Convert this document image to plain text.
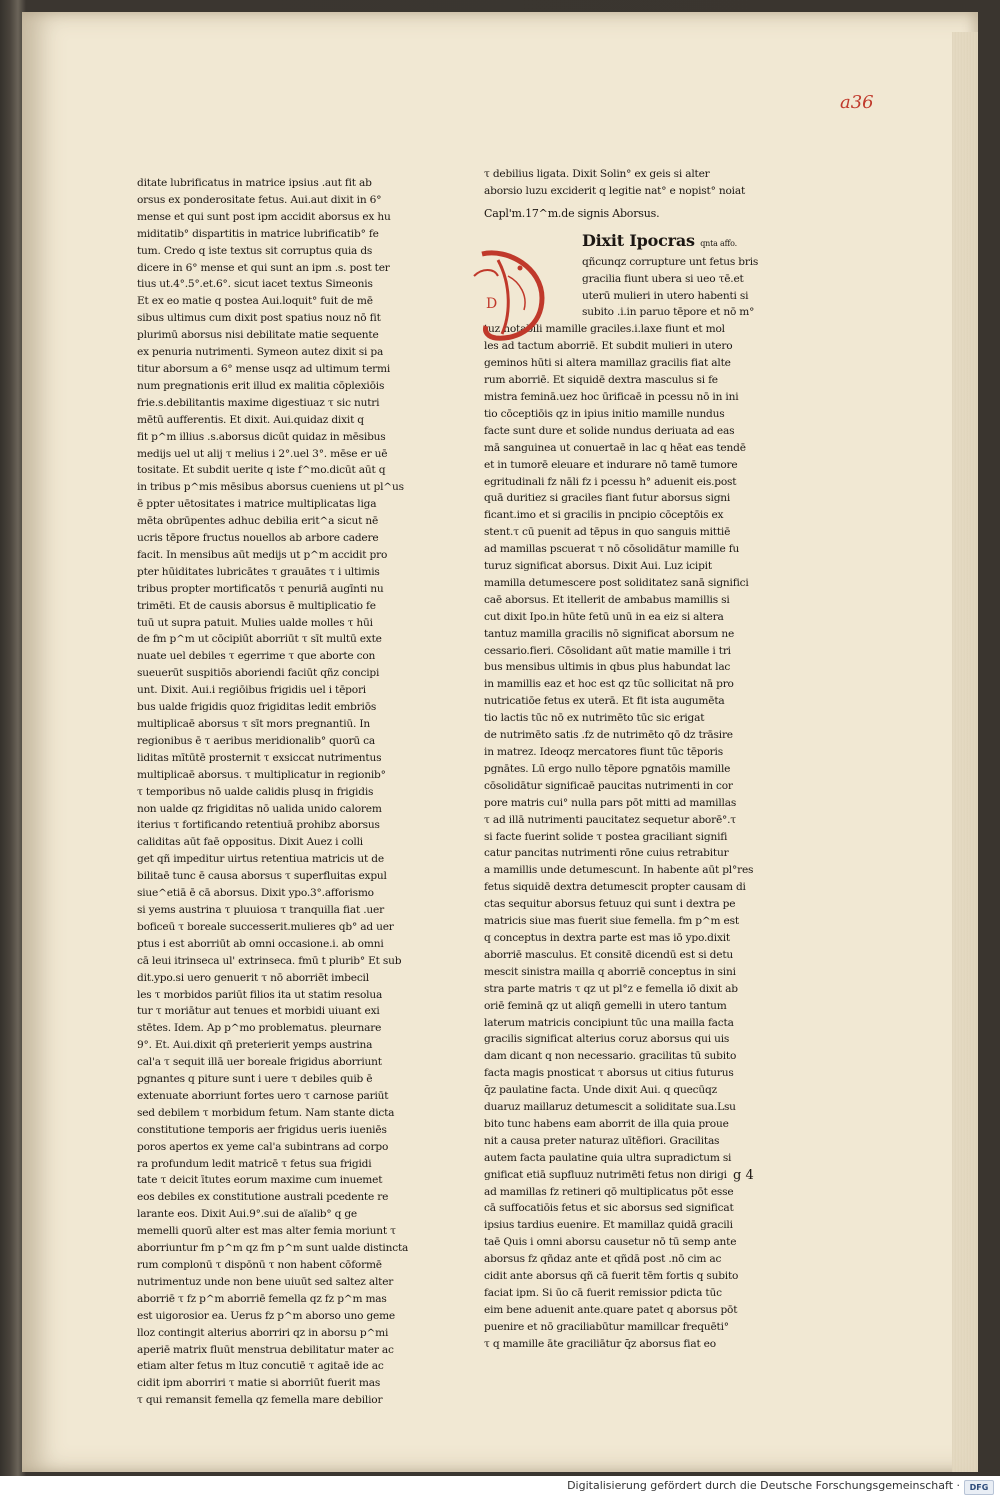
a36
ditate lubrificatus in matrice ipsius .aut fit ab
orsus ex ponderositate fetus. Aui.aut dixit in 6°
mense et qui sunt post ipm accidit aborsus ex hu
miditatib° dispartitis in matrice lubrificatib° fe
tum. Credo q iste textus sit corruptus quia ds
dicere in 6° mense et qui sunt an ipm .s. post ter
tius ut.4°.5°.et.6°. sicut iacet textus Simeonis
Et ex eo matie q postea Aui.loquit° fuit de mē
sibus ultimus cum dixit post spatius nouz nō fit
plurimū aborsus nisi debilitate matie sequente
ex penuria nutrimenti. Symeon autez dixit si pa
titur aborsum a 6° mense usqz ad ultimum termi
num pregnationis erit illud ex malitia cōplexiōis
frie.s.debilitantis maxime digestiuaz τ sic nutri
mētū aufferentis. Et dixit. Aui.quidaz dixit q
fit p^m illius .s.aborsus dicūt quidaz in mēsibus
medijs uel ut alij τ melius i 2°.uel 3°. mēse er uē
tositate. Et subdit uerite q iste f^mo.dicūt aūt q
in tribus p^mis mēsibus aborsus cueniens ut pl^us
ē ppter uētositates i matrice multiplicatas liga
mēta obrūpentes adhuc debilia erit^a sicut nē
ucris tēpore fructus nouellos ab arbore cadere
facit. In mensibus aūt medijs ut p^m accidit pro
pter hūiditates lubricātes τ grauātes τ i ultimis
tribus propter mortificatōs τ penuriā augīnti nu
trimēti. Et de causis aborsus ē multiplicatio fe
tuū ut supra patuit. Mulies ualde molles τ hūi
de fm p^m ut cōcipiūt aborriūt τ sīt multū exte
nuate uel debiles τ egerrime τ que aborte con
sueuerūt suspitiōs aboriendi faciūt qñz concipi
unt. Dixit. Aui.i regiōibus frigidis uel i tēpori
bus ualde frigidis quoz frigiditas ledit embriōs
multiplicaē aborsus τ sīt mors pregnantiū. In
regionibus ē τ aeribus meridionalib° quorū ca
liditas mītūtē prosternit τ exsiccat nutrimentus
multiplicaē aborsus. τ multiplicatur in regionib°
τ temporibus nō ualde calidis plusq in frigidis
non ualde qz frigiditas nō ualida unido calorem
iterius τ fortificando retentiuā prohibz aborsus
caliditas aūt faē oppositus. Dixit Auez i colli
get qñ impeditur uirtus retentiua matricis ut de
bilitaē tunc ē causa aborsus τ superfluitas expul
siue^etiā ē cā aborsus. Dixit ypo.3°.afforismo
si yems austrina τ pluuiosa τ tranquilla fiat .uer
boficeū τ boreale successerit.mulieres qb° ad uer
ptus i est aborriūt ab omni occasione.i. ab omni
cā leui itrinseca ul' extrinseca. fmū t plurib° Et sub
dit.ypo.si uero genuerit τ nō aborriēt imbecil
les τ morbidos pariūt filios ita ut statim resolua
tur τ moriātur aut tenues et morbidi uiuant exi
stētes. Idem. Ap p^mo problematus. pleurnare
9°. Et. Aui.dixit qñ preterierit yemps austrina
cal'a τ sequit illā uer boreale frigidus aborriunt
pgnantes q piture sunt i uere τ debiles quib ē
extenuate aborriunt fortes uero τ carnose pariūt
sed debilem τ morbidum fetum. Nam stante dicta
constitutione temporis aer frigidus ueris iueniēs
poros apertos ex yeme cal'a subintrans ad corpo
ra profundum ledit matricē τ fetus sua frigidi
tate τ deicit ītutes eorum maxime cum inuemet
eos debiles ex constitutione australi pcedente re
larante eos. Dixit Aui.9°.sui de aïalib° q ge
memelli quorū alter est mas alter femia moriunt τ
aborriuntur fm p^m qz fm p^m sunt ualde distincta
rum complonū τ dispōnū τ non habent cōformē
nutrimentuz unde non bene uiuūt sed saltez alter
aborriē τ fz p^m aborriē femella qz fz p^m mas
est uigorosior ea. Uerus fz p^m aborso uno geme
lloz contingit alterius aborriri qz in aborsu p^mi
aperiē matrix fluūt menstrua debilitatur mater ac
etiam alter fetus m ltuz concutiē τ agitaē ide ac
cidit ipm aborriri τ matie si aborriūt fuerit mas
τ qui remansit femella qz femella mare debilior
τ debilius ligata. Dixit Solin° ex geis si alter
aborsio luzu exciderit q legitie nat° e nopist° noiat
Capl'm.17^m.de signis Aborsus.
Dixit Ipocras qnta affo.
qñcunqz corrupture unt fetus bris
gracilia fiunt ubera si ueo τē.et
uterū mulieri in utero habenti si
subito .i.in paruo tēpore et nō m°
tuz notabili mamille graciles.i.laxe fiunt et mol
les ad tactum aborriē. Et subdit mulieri in utero
geminos hūti si altera mamillaz gracilis fiat alte
rum aborriē. Et siquidē dextra masculus si fe
mistra feminā.uez hoc ūrificaē in pcessu nō in ini
tio cōceptiōis qz in ipius initio mamille nundus
facte sunt dure et solide nundus deriuata ad eas
mā sanguinea ut conuertaē in lac q hēat eas tendē
et in tumorē eleuare et indurare nō tamē tumore
egritudinali fz nāli fz i pcessu h° aduenit eis.post
quā duritiez si graciles fiant futur aborsus signi
ficant.imo et si gracilis in pncipio cōceptōis ex
stent.τ cū puenit ad tēpus in quo sanguis mittiē
ad mamillas pscuerat τ nō cōsolidātur mamille fu
turuz significat aborsus. Dixit Aui. Luz icipit
mamilla detumescere post soliditatez sanā significi
caē aborsus. Et itellerit de ambabus mamillis si
cut dixit Ipo.in hūte fetū unū in ea eiz si altera
tantuz mamilla gracilis nō significat aborsum ne
cessario.fieri. Cōsolidant aūt matie mamille i tri
bus mensibus ultimis in qbus plus habundat lac
in mamillis eaz et hoc est qz tūc sollicitat nā pro
nutricatiōe fetus ex uterā. Et fit ista augumēta
tio lactis tūc nō ex nutrimēto tūc sic erigat
de nutrimēto satis .fz de nutrimēto qō dz trāsire
in matrez. Ideoqz mercatores fiunt tūc tēporis
pgnātes. Lū ergo nullo tēpore pgnatōis mamille
cōsolidātur significaē paucitas nutrimenti in cor
pore matris cui° nulla pars pōt mitti ad mamillas
τ ad illā nutrimenti paucitatez sequetur aborē°.τ
si facte fuerint solide τ postea graciliant signifi
catur pancitas nutrimenti rōne cuius retrabitur
a mamillis unde detumescunt. In habente aūt pl°res
fetus siquidē dextra detumescit propter causam di
ctas sequitur aborsus fetuuz qui sunt i dextra pe
matricis siue mas fuerit siue femella. fm p^m est
q conceptus in dextra parte est mas iō ypo.dixit
aborriē masculus. Et consitē dicendū est si detu
mescit sinistra mailla q aborriē conceptus in sini
stra parte matris τ qz ut pl°z e femella iō dixit ab
oriē feminā qz ut aliqñ gemelli in utero tantum
laterum matricis concipiunt tūc una mailla facta
gracilis significat alterius coruz aborsus qui uis
dam dicant q non necessario. gracilitas tū subito
facta magis pnosticat τ aborsus ut citius futurus
q̄z paulatine facta. Unde dixit Aui. q quecūqz
duaruz maillaruz detumescit a soliditate sua.Lsu
bito tunc habens eam aborrit de illa quia proue
nit a causa preter naturaz uītēfiori. Gracilitas
autem facta paulatine quia ultra supradictum si
gnificat etiā supfluuz nutrimēti fetus non dirigi
ad mamillas fz retineri qō multiplicatus pōt esse
cā suffocatiōis fetus et sic aborsus sed significat
ipsius tardius euenire. Et mamillaz quidā gracili
taē Quis i omni aborsu causetur nō tū semp ante
aborsus fz qñdaz ante et qñdā post .nō cim ac
cidit ante aborsus qñ cā fuerit tēm fortis q subito
faciat ipm. Si ūo cā fuerit remissior pdicta tūc
eim bene aduenit ante.quare patet q aborsus pōt
puenire et nō graciliabūtur mamillcar frequēti°
τ q mamille āte graciliātur q̄z aborsus fiat eo
D
g 4
Digitalisierung gefördert durch die Deutsche Forschungsgemeinschaft ·	DFG
